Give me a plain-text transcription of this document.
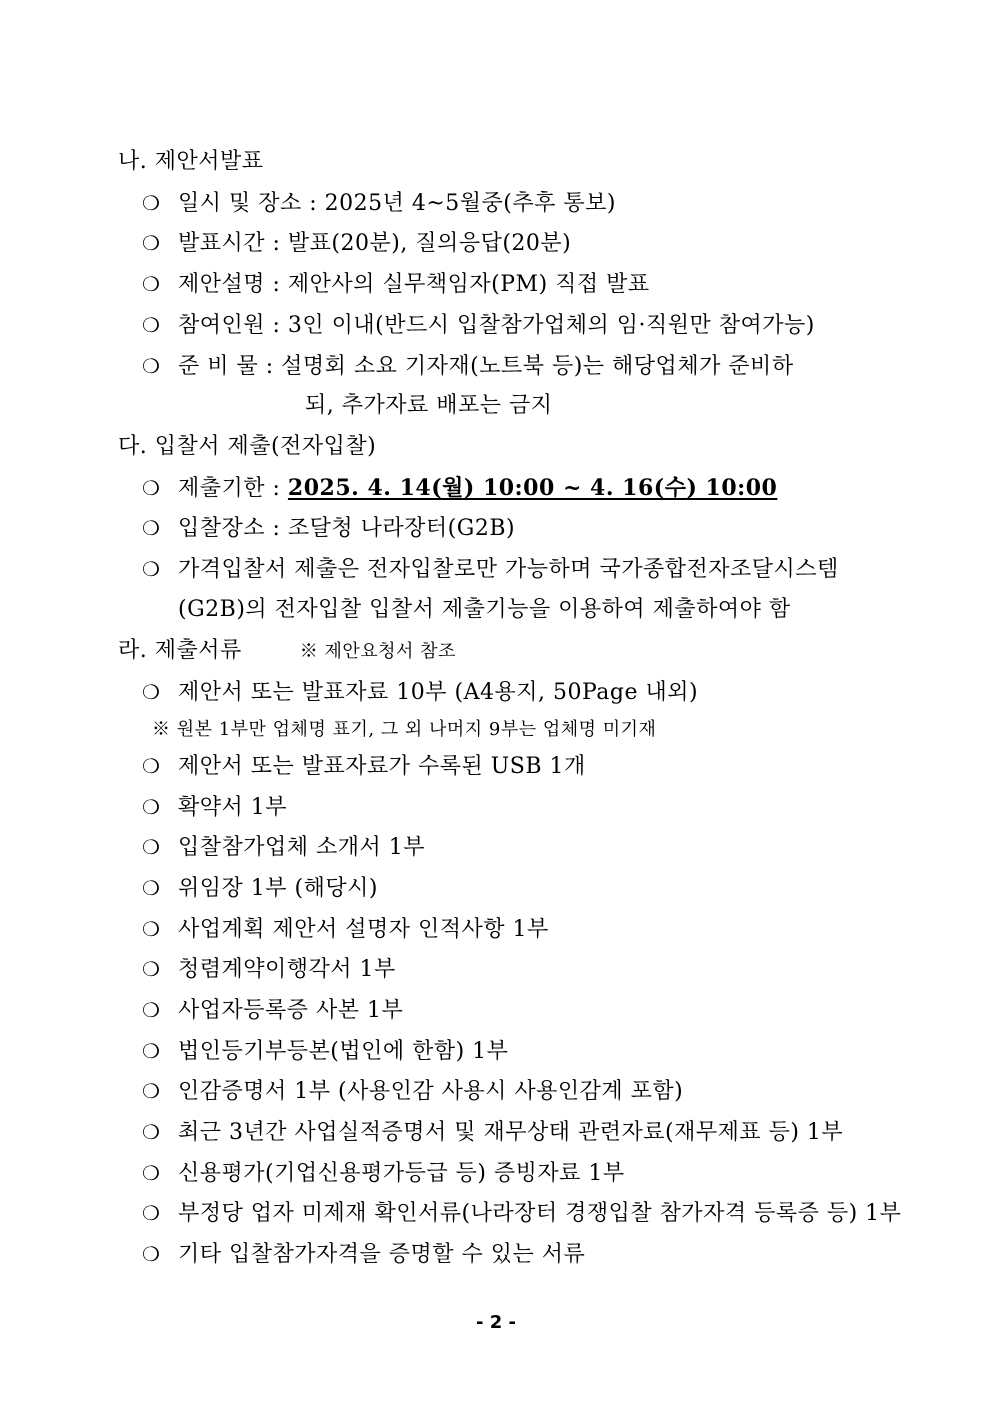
나. 제안서발표
❍ 일시 및 장소 : 2025년 4~5월중(추후 통보)
❍ 발표시간 : 발표(20분), 질의응답(20분)
❍ 제안설명 : 제안사의 실무책임자(PM) 직접 발표
❍ 참여인원 : 3인 이내(반드시 입찰참가업체의 임·직원만 참여가능)
❍ 준 비 물 : 설명회 소요 기자재(노트북 등)는 해당업체가 준비하
되, 추가자료 배포는 금지
다. 입찰서 제출(전자입찰)
❍ 제출기한 : 2025. 4. 14(월) 10:00 ~ 4. 16(수) 10:00
❍ 입찰장소 : 조달청 나라장터(G2B)
❍ 가격입찰서 제출은 전자입찰로만 가능하며 국가종합전자조달시스템
(G2B)의 전자입찰 입찰서 제출기능을 이용하여 제출하여야 함
라. 제출서류	※ 제안요청서 참조
❍ 제안서 또는 발표자료 10부 (A4용지, 50Page 내외)
※ 원본 1부만 업체명 표기, 그 외 나머지 9부는 업체명 미기재
❍ 제안서 또는 발표자료가 수록된 USB 1개
❍ 확약서 1부
❍ 입찰참가업체 소개서 1부
❍ 위임장 1부 (해당시)
❍ 사업계획 제안서 설명자 인적사항 1부
❍ 청렴계약이행각서 1부
❍ 사업자등록증 사본 1부
❍ 법인등기부등본(법인에 한함) 1부
❍ 인감증명서 1부 (사용인감 사용시 사용인감계 포함)
❍ 최근 3년간 사업실적증명서 및 재무상태 관련자료(재무제표 등) 1부
❍ 신용평가(기업신용평가등급 등) 증빙자료 1부
❍ 부정당 업자 미제재 확인서류(나라장터 경쟁입찰 참가자격 등록증 등) 1부
❍ 기타 입찰참가자격을 증명할 수 있는 서류
- 2 -
